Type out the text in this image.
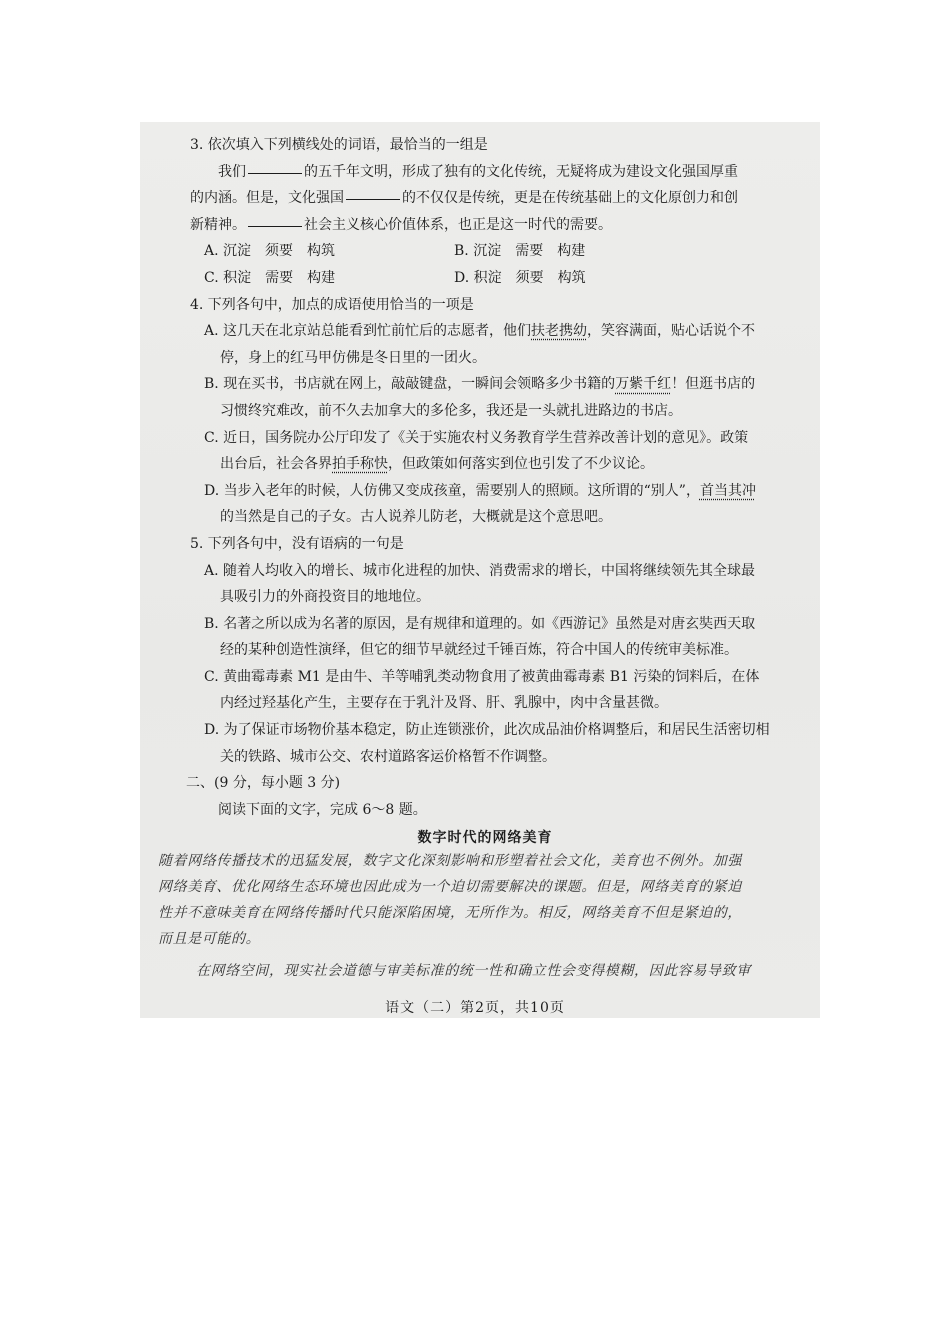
3. 依次填入下列横线处的词语，最恰当的一组是
我们	的五千年文明，形成了独有的文化传统，无疑将成为建设文化强国厚重
的内涵。但是，文化强国	的不仅仅是传统，更是在传统基础上的文化原创力和创
新精神。	社会主义核心价值体系，也正是这一时代的需要。
A. 沉淀　须要　构筑	B. 沉淀　需要　构建
C. 积淀　需要　构建	D. 积淀　须要　构筑
4. 下列各句中，加点的成语使用恰当的一项是
A. 这几天在北京站总能看到忙前忙后的志愿者，他们扶老携幼，笑容满面，贴心话说个不
停，身上的红马甲仿佛是冬日里的一团火。
B. 现在买书，书店就在网上，敲敲键盘，一瞬间会领略多少书籍的万紫千红！但逛书店的
习惯终究难改，前不久去加拿大的多伦多，我还是一头就扎进路边的书店。
C. 近日，国务院办公厅印发了《关于实施农村义务教育学生营养改善计划的意见》。政策
出台后，社会各界拍手称快，但政策如何落实到位也引发了不少议论。
D. 当步入老年的时候，人仿佛又变成孩童，需要别人的照顾。这所谓的“别人”，首当其冲
的当然是自己的子女。古人说养儿防老，大概就是这个意思吧。
5. 下列各句中，没有语病的一句是
A. 随着人均收入的增长、城市化进程的加快、消费需求的增长，中国将继续领先其全球最
具吸引力的外商投资目的地地位。
B. 名著之所以成为名著的原因，是有规律和道理的。如《西游记》虽然是对唐玄奘西天取
经的某种创造性演绎，但它的细节早就经过千锤百炼，符合中国人的传统审美标准。
C. 黄曲霉毒素 M1 是由牛、羊等哺乳类动物食用了被黄曲霉毒素 B1 污染的饲料后，在体
内经过羟基化产生，主要存在于乳汁及肾、肝、乳腺中，肉中含量甚微。
D. 为了保证市场物价基本稳定，防止连锁涨价，此次成品油价格调整后，和居民生活密切相
关的铁路、城市公交、农村道路客运价格暂不作调整。
二、(9 分，每小题 3 分)
阅读下面的文字，完成 6～8 题。
数字时代的网络美育
随着网络传播技术的迅猛发展，数字文化深刻影响和形塑着社会文化，美育也不例外。加强
网络美育、优化网络生态环境也因此成为一个迫切需要解决的课题。但是，网络美育的紧迫
性并不意味美育在网络传播时代只能深陷困境，无所作为。相反，网络美育不但是紧迫的，
而且是可能的。
在网络空间，现实社会道德与审美标准的统一性和确立性会变得模糊，因此容易导致审
语文（二）第2页，共10页
